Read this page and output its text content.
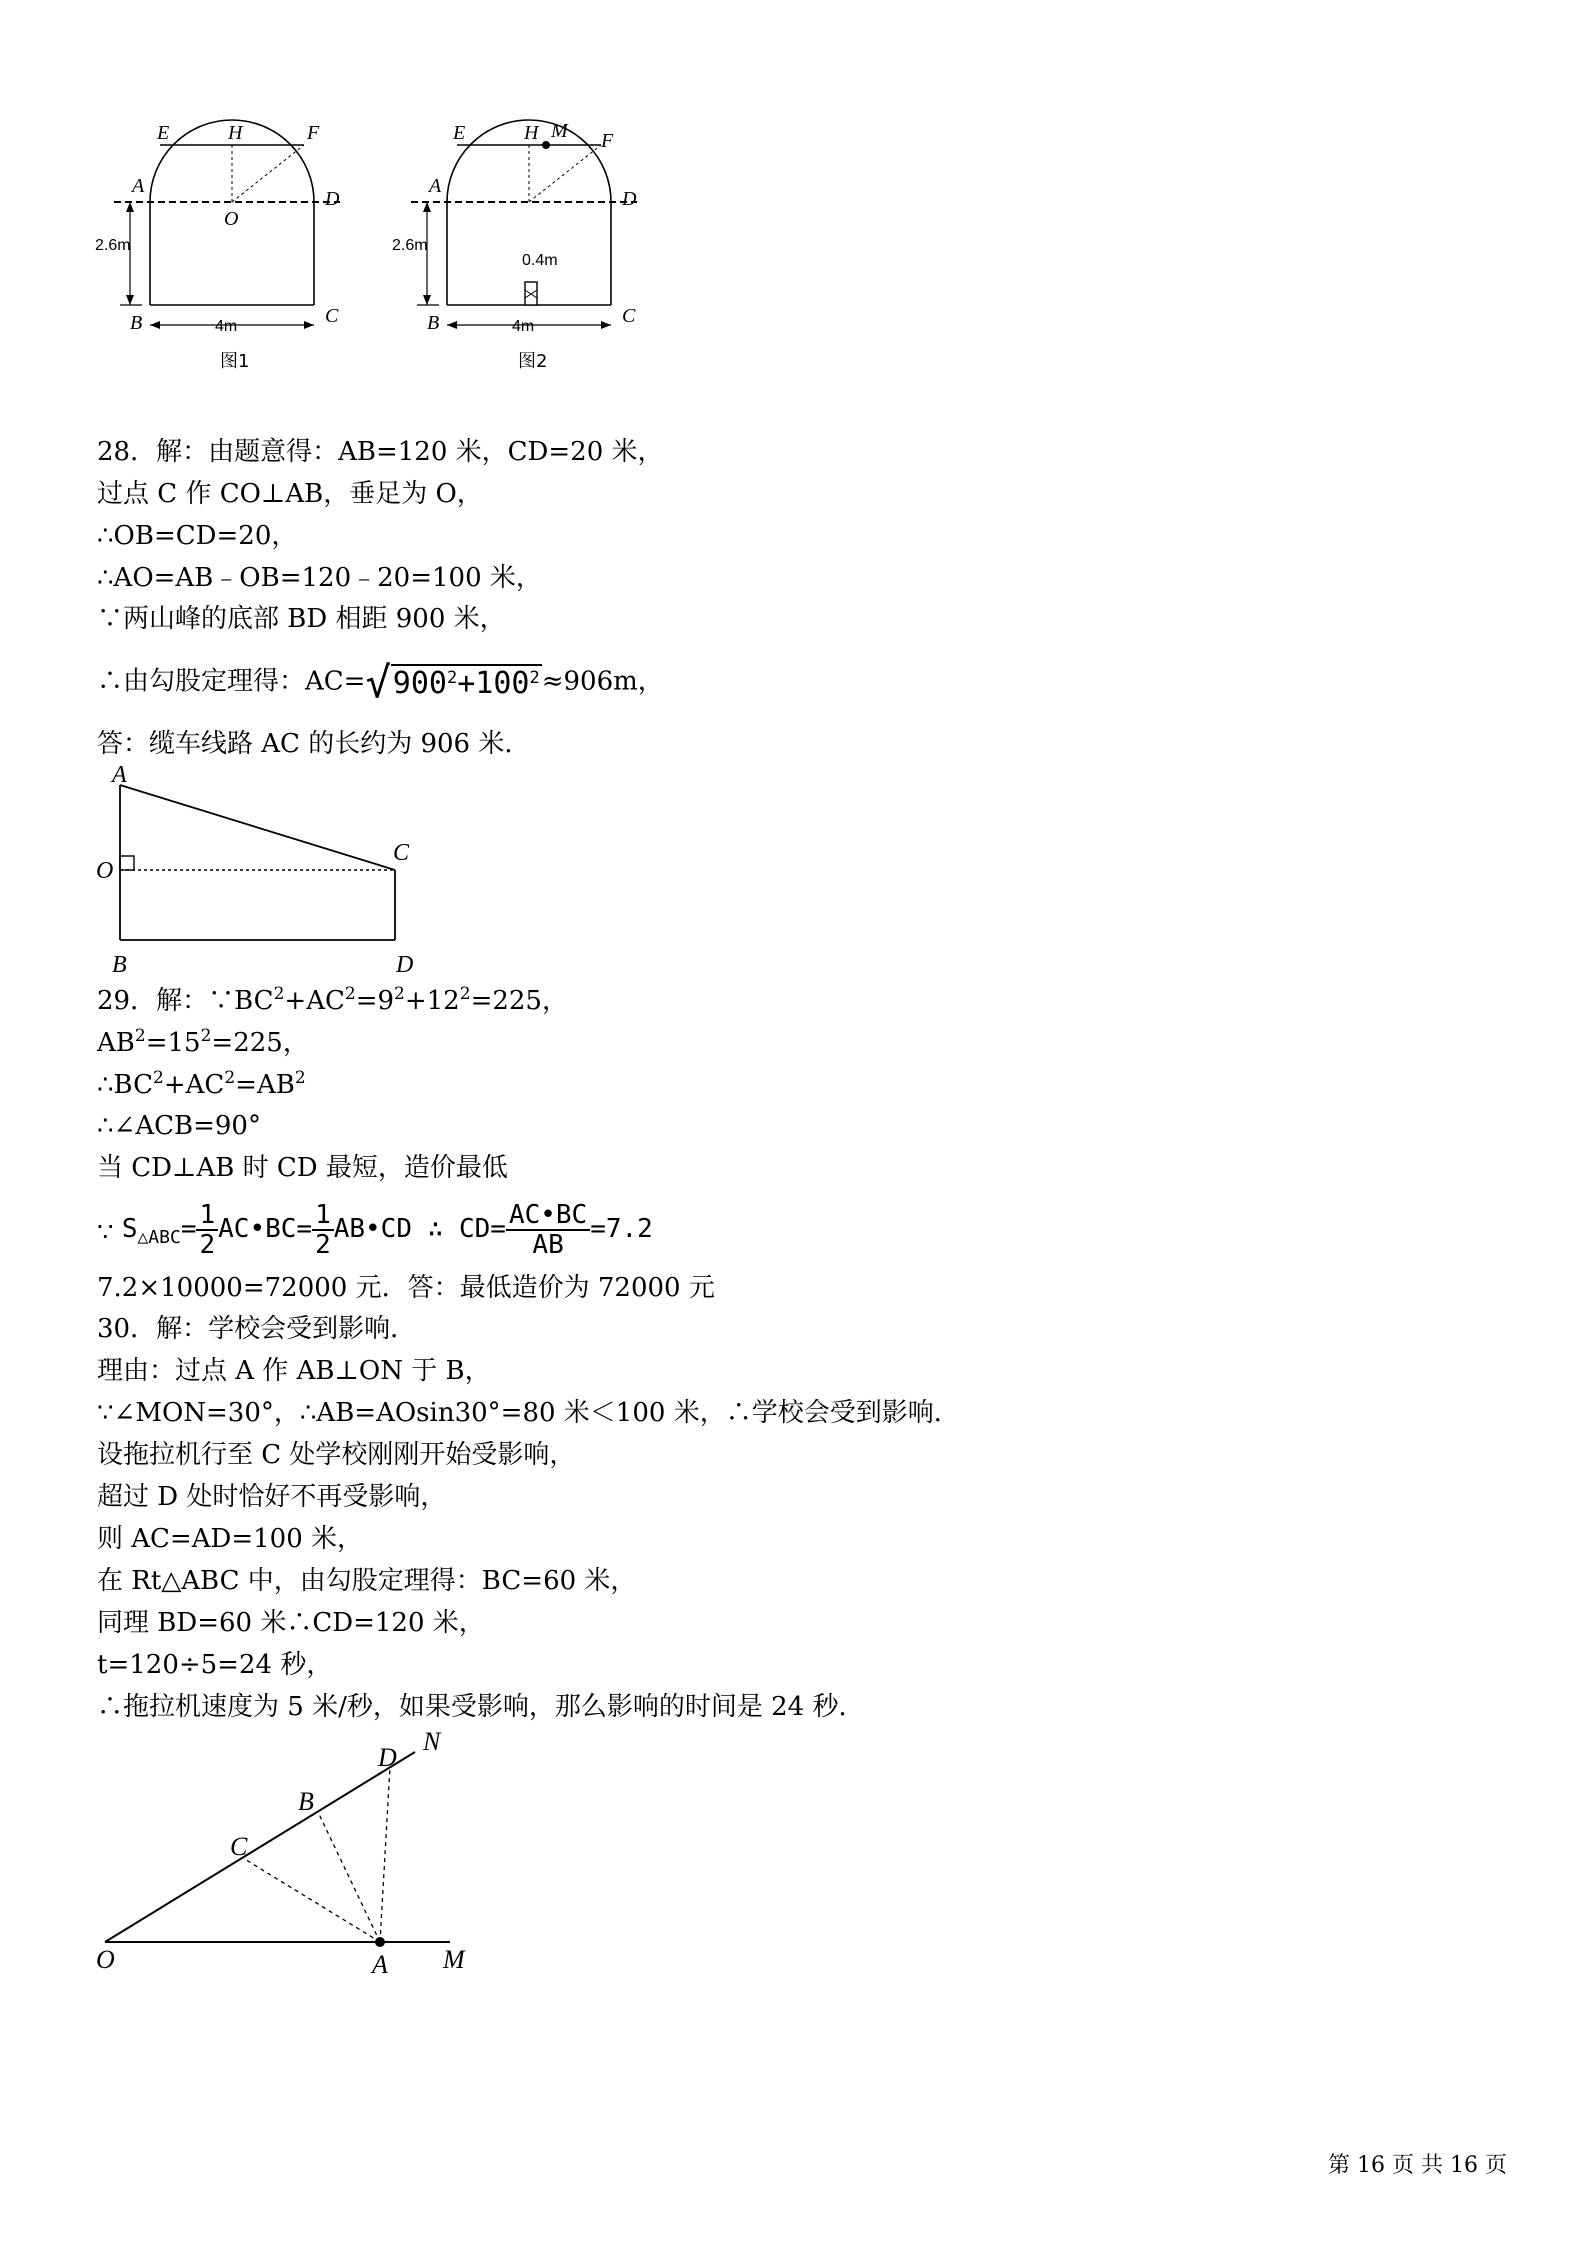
E	H	F
A
D
O
B	C
2.6m
4m
图1
E	H M F
A
D
B	C
2.6m
4m
0.4m
图2
28．解：由题意得：AB=120 米，CD=20 米，
过点 C 作 CO⊥AB，垂足为 O，
∴OB=CD=20，
∴AO=AB﹣OB=120﹣20=100 米，
∵两山峰的底部 BD 相距 900 米，
∴由勾股定理得：$AC=√900^2+100^2\approx 906m$，
答：缆车线路 AC 的长约为 906 米．
A
C
O
B	D
29．解：$\because BC^2+AC^2=9^2+12^2=225$，
$AB^2=15^2=225$，
$\therefore BC^2+AC^2=AB^2$
∴∠ACB=90°
当 CD⊥AB 时 CD 最短，造价最低
∵ $S_{\triangle ABC}= \frac{1}{2}$ AC•BC= $\frac{1}{2}$ AB•CD ∴ $CD= \frac{AC•BC}{AB} =7.2$
7.2×10000=72000 元．答：最低造价为 72000 元
30．解：学校会受到影响．
理由：过点 A 作 AB⊥ON 于 B，
∵∠MON=30°，∴AB=AOsin30°=80 米＜100 米，∴学校会受到影响．
设拖拉机行至 C 处学校刚刚开始受影响，
超过 D 处时恰好不再受影响，
则 AC=AD=100 米，
在 Rt△ABC 中，由勾股定理得：BC=60 米，
同理 BD=60 米∴CD=120 米，
t=120÷5=24 秒，
∴拖拉机速度为 5 米/秒，如果受影响，那么影响的时间是 24 秒．
N
D
B
C
O	A M
第 16 页 共 16 页
